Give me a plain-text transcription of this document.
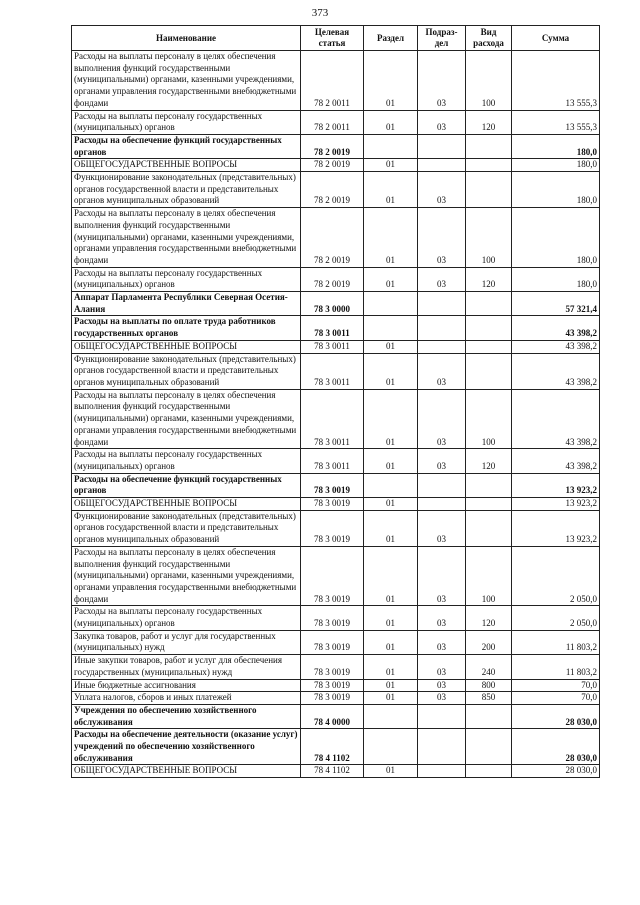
373
Наименование	Целевая статья	Раздел	Подраз-дел	Вид расхода	Сумма
Расходы на выплаты персоналу в целях обеспечения выполнения функций государственными (муниципальными) органами, казенными учреждениями, органами управления государственными внебюджетными фондами	78 2 0011	01	03	100	13 555,3
Расходы на выплаты персоналу государственных (муниципальных) органов	78 2 0011	01	03	120	13 555,3
Расходы на обеспечение функций государственных органов	78 2 0019				180,0
ОБЩЕГОСУДАРСТВЕННЫЕ ВОПРОСЫ	78 2 0019	01			180,0
Функционирование законодательных (представительных) органов государственной власти и представительных органов муниципальных образований	78 2 0019	01	03		180,0
Расходы на выплаты персоналу в целях обеспечения выполнения функций государственными (муниципальными) органами, казенными учреждениями, органами управления государственными внебюджетными фондами	78 2 0019	01	03	100	180,0
Расходы на выплаты персоналу государственных (муниципальных) органов	78 2 0019	01	03	120	180,0
Аппарат Парламента Республики Северная Осетия-Алания	78 3 0000				57 321,4
Расходы на выплаты по оплате труда работников государственных органов	78 3 0011				43 398,2
ОБЩЕГОСУДАРСТВЕННЫЕ ВОПРОСЫ	78 3 0011	01			43 398,2
Функционирование законодательных (представительных) органов государственной власти и представительных органов муниципальных образований	78 3 0011	01	03		43 398,2
Расходы на выплаты персоналу в целях обеспечения выполнения функций государственными (муниципальными) органами, казенными учреждениями, органами управления государственными внебюджетными фондами	78 3 0011	01	03	100	43 398,2
Расходы на выплаты персоналу государственных (муниципальных) органов	78 3 0011	01	03	120	43 398,2
Расходы на обеспечение функций государственных органов	78 3 0019				13 923,2
ОБЩЕГОСУДАРСТВЕННЫЕ ВОПРОСЫ	78 3 0019	01			13 923,2
Функционирование законодательных (представительных) органов государственной власти и представительных органов муниципальных образований	78 3 0019	01	03		13 923,2
Расходы на выплаты персоналу в целях обеспечения выполнения функций государственными (муниципальными) органами, казенными учреждениями, органами управления государственными внебюджетными фондами	78 3 0019	01	03	100	2 050,0
Расходы на выплаты персоналу государственных (муниципальных) органов	78 3 0019	01	03	120	2 050,0
Закупка товаров, работ и услуг для государственных (муниципальных) нужд	78 3 0019	01	03	200	11 803,2
Иные закупки товаров, работ и услуг для обеспечения государственных (муниципальных) нужд	78 3 0019	01	03	240	11 803,2
Иные бюджетные ассигнования	78 3 0019	01	03	800	70,0
Уплата налогов, сборов и иных платежей	78 3 0019	01	03	850	70,0
Учреждения по обеспечению хозяйственного обслуживания	78 4 0000				28 030,0
Расходы на обеспечение деятельности (оказание услуг) учреждений по обеспечению хозяйственного обслуживания	78 4 1102				28 030,0
ОБЩЕГОСУДАРСТВЕННЫЕ ВОПРОСЫ	78 4 1102	01			28 030,0
